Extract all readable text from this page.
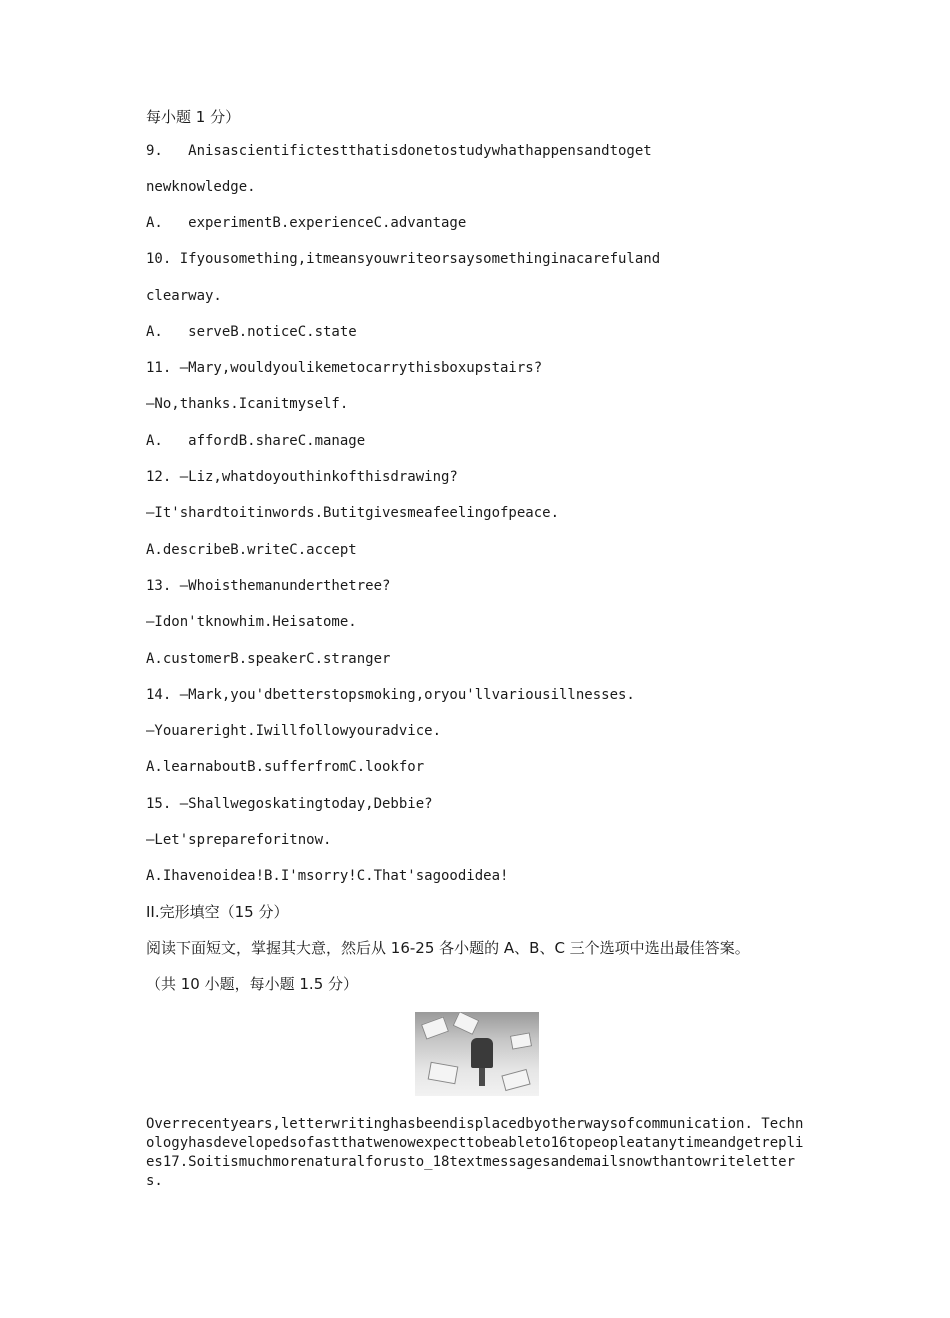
每小题 1 分）
9.   Anisascientifictestthatisdonetostudywhathappensandtoget
newknowledge.
A.   experimentB.experienceC.advantage
10. Ifyousomething,itmeansyouwriteorsaysomethinginacarefuland
clearway.
A.   serveB.noticeC.state
11. —Mary,wouldyoulikemetocarrythisboxupstairs?
—No,thanks.Icanitmyself.
A.   affordB.shareC.manage
12. —Liz,whatdoyouthinkofthisdrawing?
—It'shardtoitinwords.Butitgivesmeafeelingofpeace.
A.describeB.writeC.accept
13. —Whoisthemanunderthetree?
—Idon'tknowhim.Heisatome.
A.customerB.speakerC.stranger
14. —Mark,you'dbetterstopsmoking,oryou'llvariousillnesses.
—Youareright.Iwillfollowyouradvice.
A.learnaboutB.sufferfromC.lookfor
15. —Shallwegoskatingtoday,Debbie?
—Let'sprepareforitnow.
A.Ihavenoidea!B.I'msorry!C.That'sagoodidea!
II.完形填空（15 分）
阅读下面短文，掌握其大意，然后从 16-25 各小题的 A、B、C 三个选项中选出最佳答案。
（共 10 小题，每小题 1.5 分）
Overrecentyears,letterwritinghasbeendisplacedbyotherwaysofcommunication. Technologyhasdevelopedsofastthatwenowexpecttobeabletо16topeopleatanytimeandgetreplies17.Soitismuchmorenaturalforusto_18textmessagesandemailsnowthantowriteletters.
